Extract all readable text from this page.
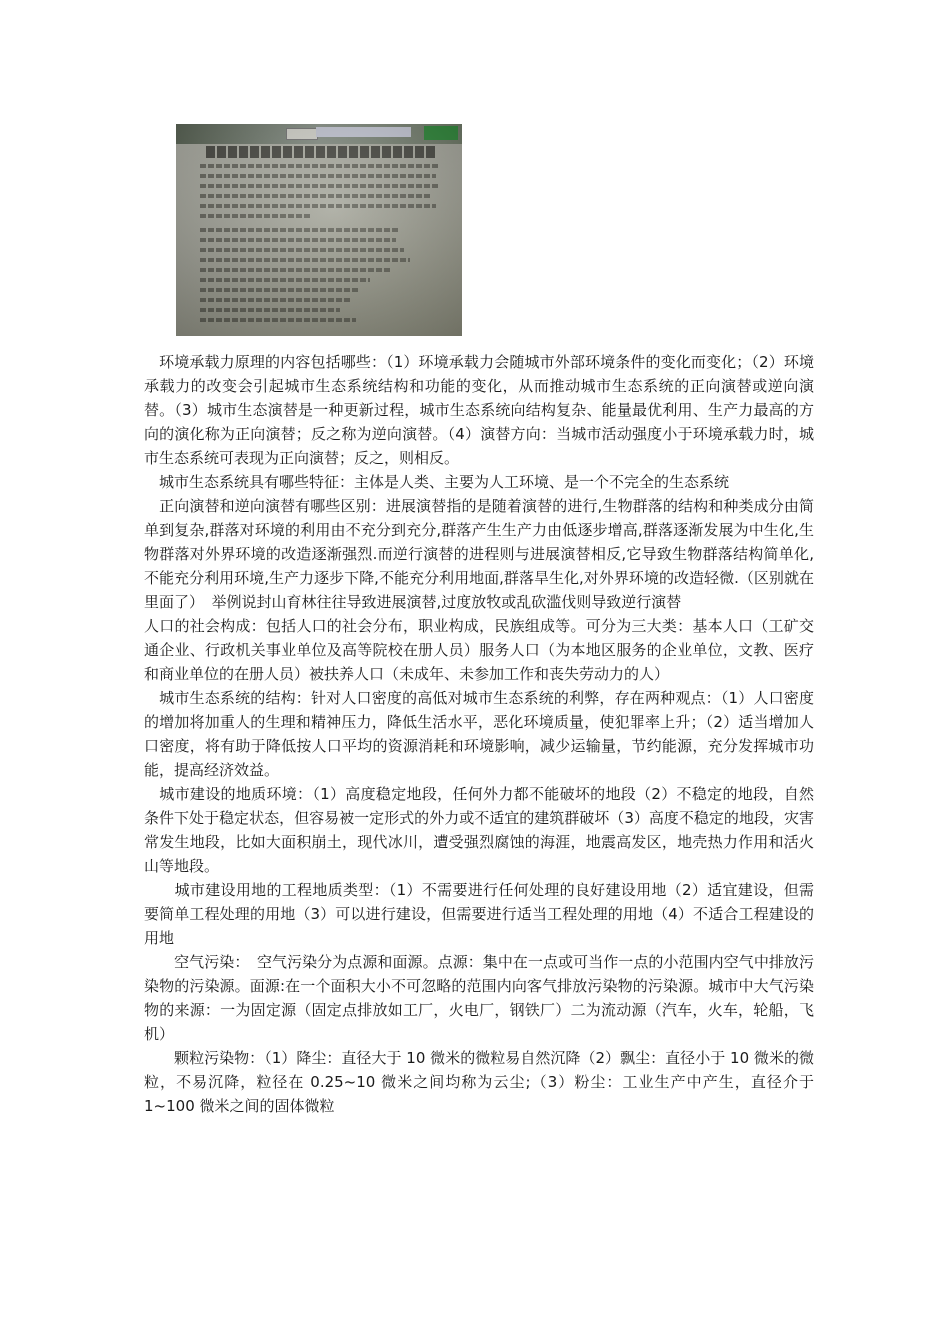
　环境承载力原理的内容包括哪些：（1）环境承载力会随城市外部环境条件的变化而变化；（2）环境承载力的改变会引起城市生态系统结构和功能的变化，从而推动城市生态系统的正向演替或逆向演替。（3）城市生态演替是一种更新过程，城市生态系统向结构复杂、能量最优利用、生产力最高的方向的演化称为正向演替；反之称为逆向演替。（4）演替方向：当城市活动强度小于环境承载力时，城市生态系统可表现为正向演替；反之，则相反。

　城市生态系统具有哪些特征：主体是人类、主要为人工环境、是一个不完全的生态系统

　正向演替和逆向演替有哪些区别：进展演替指的是随着演替的进行,生物群落的结构和种类成分由简单到复杂,群落对环境的利用由不充分到充分,群落产生生产力由低逐步增高,群落逐渐发展为中生化,生物群落对外界环境的改造逐渐强烈.而逆行演替的进程则与进展演替相反,它导致生物群落结构简单化,不能充分利用环境,生产力逐步下降,不能充分利用地面,群落旱生化,对外界环境的改造轻微.（区别就在里面了）　举例说封山育林往往导致进展演替,过度放牧或乱砍滥伐则导致逆行演替

人口的社会构成：包括人口的社会分布，职业构成，民族组成等。可分为三大类：基本人口（工矿交通企业、行政机关事业单位及高等院校在册人员）服务人口（为本地区服务的企业单位，文教、医疗和商业单位的在册人员）被扶养人口（未成年、未参加工作和丧失劳动力的人）

　城市生态系统的结构：针对人口密度的高低对城市生态系统的利弊，存在两种观点：（1）人口密度的增加将加重人的生理和精神压力，降低生活水平，恶化环境质量，使犯罪率上升；（2）适当增加人口密度，将有助于降低按人口平均的资源消耗和环境影响，减少运输量，节约能源，充分发挥城市功能，提高经济效益。

　城市建设的地质环境：（1）高度稳定地段，任何外力都不能破坏的地段（2）不稳定的地段，自然条件下处于稳定状态，但容易被一定形式的外力或不适宜的建筑群破坏（3）高度不稳定的地段，灾害常发生地段，比如大面积崩土，现代冰川，遭受强烈腐蚀的海涯，地震高发区，地壳热力作用和活火山等地段。

　　城市建设用地的工程地质类型：（1）不需要进行任何处理的良好建设用地（2）适宜建设，但需要简单工程处理的用地（3）可以进行建设，但需要进行适当工程处理的用地（4）不适合工程建设的用地

　　空气污染：　空气污染分为点源和面源。点源：集中在一点或可当作一点的小范围内空气中排放污染物的污染源。面源:在一个面积大小不可忽略的范围内向客气排放污染物的污染源。城市中大气污染物的来源：一为固定源（固定点排放如工厂，火电厂，钢铁厂）二为流动源（汽车，火车，轮船，飞机）

　　颗粒污染物：（1）降尘：直径大于 10 微米的微粒易自然沉降（2）飘尘：直径小于 10 微米的微粒，不易沉降，粒径在 0.25~10 微米之间均称为云尘;（3）粉尘：工业生产中产生，直径介于 1~100 微米之间的固体微粒
